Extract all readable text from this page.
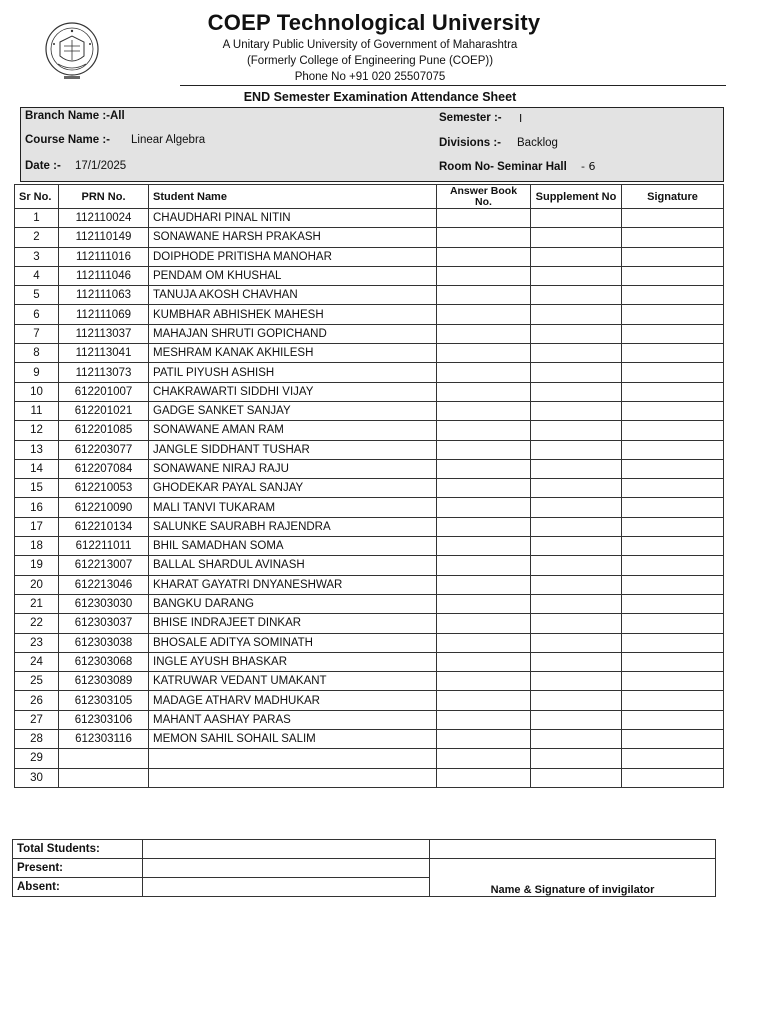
COEP Technological University
A Unitary Public University of Government of Maharashtra
(Formerly College of Engineering Pune (COEP))
Phone No +91 020 25507075
END Semester Examination Attendance Sheet
Branch Name :-All
Course Name :- Linear Algebra
Date :- 17/1/2025
Semester :- I
Divisions :- Backlog
Room No- Seminar Hall - 6
Sr No.	PRN No.	Student Name	Answer Book No.	Supplement No	Signature
1	112110024	CHAUDHARI PINAL NITIN			
2	112110149	SONAWANE HARSH PRAKASH			
3	112111016	DOIPHODE PRITISHA MANOHAR			
4	112111046	PENDAM OM KHUSHAL			
5	112111063	TANUJA AKOSH CHAVHAN			
6	112111069	KUMBHAR ABHISHEK MAHESH			
7	112113037	MAHAJAN SHRUTI GOPICHAND			
8	112113041	MESHRAM KANAK AKHILESH			
9	112113073	PATIL PIYUSH ASHISH			
10	612201007	CHAKRAWARTI SIDDHI VIJAY			
11	612201021	GADGE SANKET SANJAY			
12	612201085	SONAWANE AMAN RAM			
13	612203077	JANGLE SIDDHANT TUSHAR			
14	612207084	SONAWANE NIRAJ RAJU			
15	612210053	GHODEKAR PAYAL SANJAY			
16	612210090	MALI TANVI TUKARAM			
17	612210134	SALUNKE SAURABH RAJENDRA			
18	612211011	BHIL SAMADHAN SOMA			
19	612213007	BALLAL SHARDUL AVINASH			
20	612213046	KHARAT GAYATRI DNYANESHWAR			
21	612303030	BANGKU DARANG			
22	612303037	BHISE INDRAJEET DINKAR			
23	612303038	BHOSALE ADITYA SOMINATH			
24	612303068	INGLE AYUSH BHASKAR			
25	612303089	KATRUWAR VEDANT UMAKANT			
26	612303105	MADAGE ATHARV MADHUKAR			
27	612303106	MAHANT AASHAY PARAS			
28	612303116	MEMON SAHIL SOHAIL SALIM			
29					
30					
Total Students:		
Present:		Name & Signature of invigilator
Absent:		
